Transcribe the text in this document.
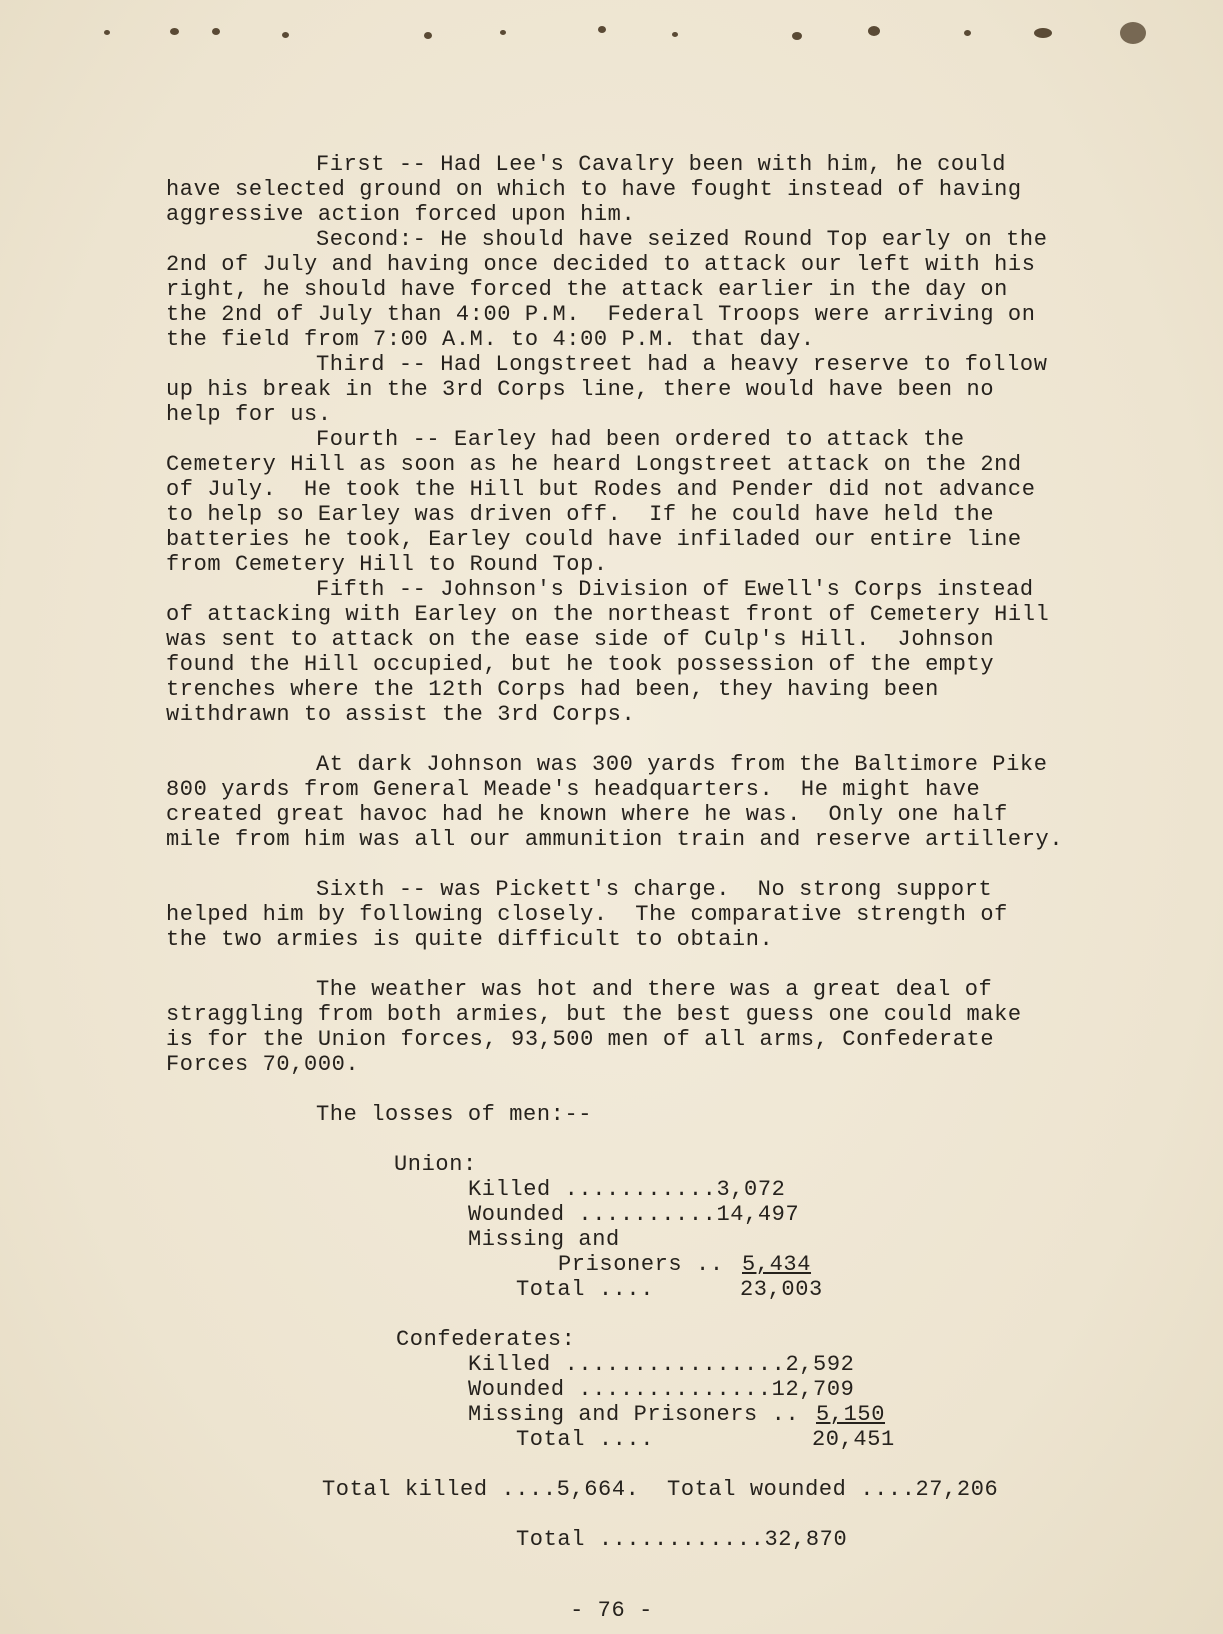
First -- Had Lee's Cavalry been with him, he could
have selected ground on which to have fought instead of having
aggressive action forced upon him.
Second:- He should have seized Round Top early on the
2nd of July and having once decided to attack our left with his
right, he should have forced the attack earlier in the day on
the 2nd of July than 4:00 P.M.  Federal Troops were arriving on
the field from 7:00 A.M. to 4:00 P.M. that day.
Third -- Had Longstreet had a heavy reserve to follow
up his break in the 3rd Corps line, there would have been no
help for us.
Fourth -- Earley had been ordered to attack the
Cemetery Hill as soon as he heard Longstreet attack on the 2nd
of July.  He took the Hill but Rodes and Pender did not advance
to help so Earley was driven off.  If he could have held the
batteries he took, Earley could have infiladed our entire line
from Cemetery Hill to Round Top.
Fifth -- Johnson's Division of Ewell's Corps instead
of attacking with Earley on the northeast front of Cemetery Hill
was sent to attack on the ease side of Culp's Hill.  Johnson
found the Hill occupied, but he took possession of the empty
trenches where the 12th Corps had been, they having been
withdrawn to assist the 3rd Corps.
At dark Johnson was 300 yards from the Baltimore Pike
800 yards from General Meade's headquarters.  He might have
created great havoc had he known where he was.  Only one half
mile from him was all our ammunition train and reserve artillery.
Sixth -- was Pickett's charge.  No strong support
helped him by following closely.  The comparative strength of
the two armies is quite difficult to obtain.
The weather was hot and there was a great deal of
straggling from both armies, but the best guess one could make
is for the Union forces, 93,500 men of all arms, Confederate
Forces 70,000.
The losses of men:--
Union:
Killed ...........3,072
Wounded ..........14,497
Missing and

Prisoners ..

5,434

Total ....

	23,003

Confederates:
Killed ................2,592
Wounded ..............12,709

Missing and Prisoners ..

5,150

Total ....

	20,451

Total killed ....5,664.  Total wounded ....27,206
Total ............32,870
- 76 -
